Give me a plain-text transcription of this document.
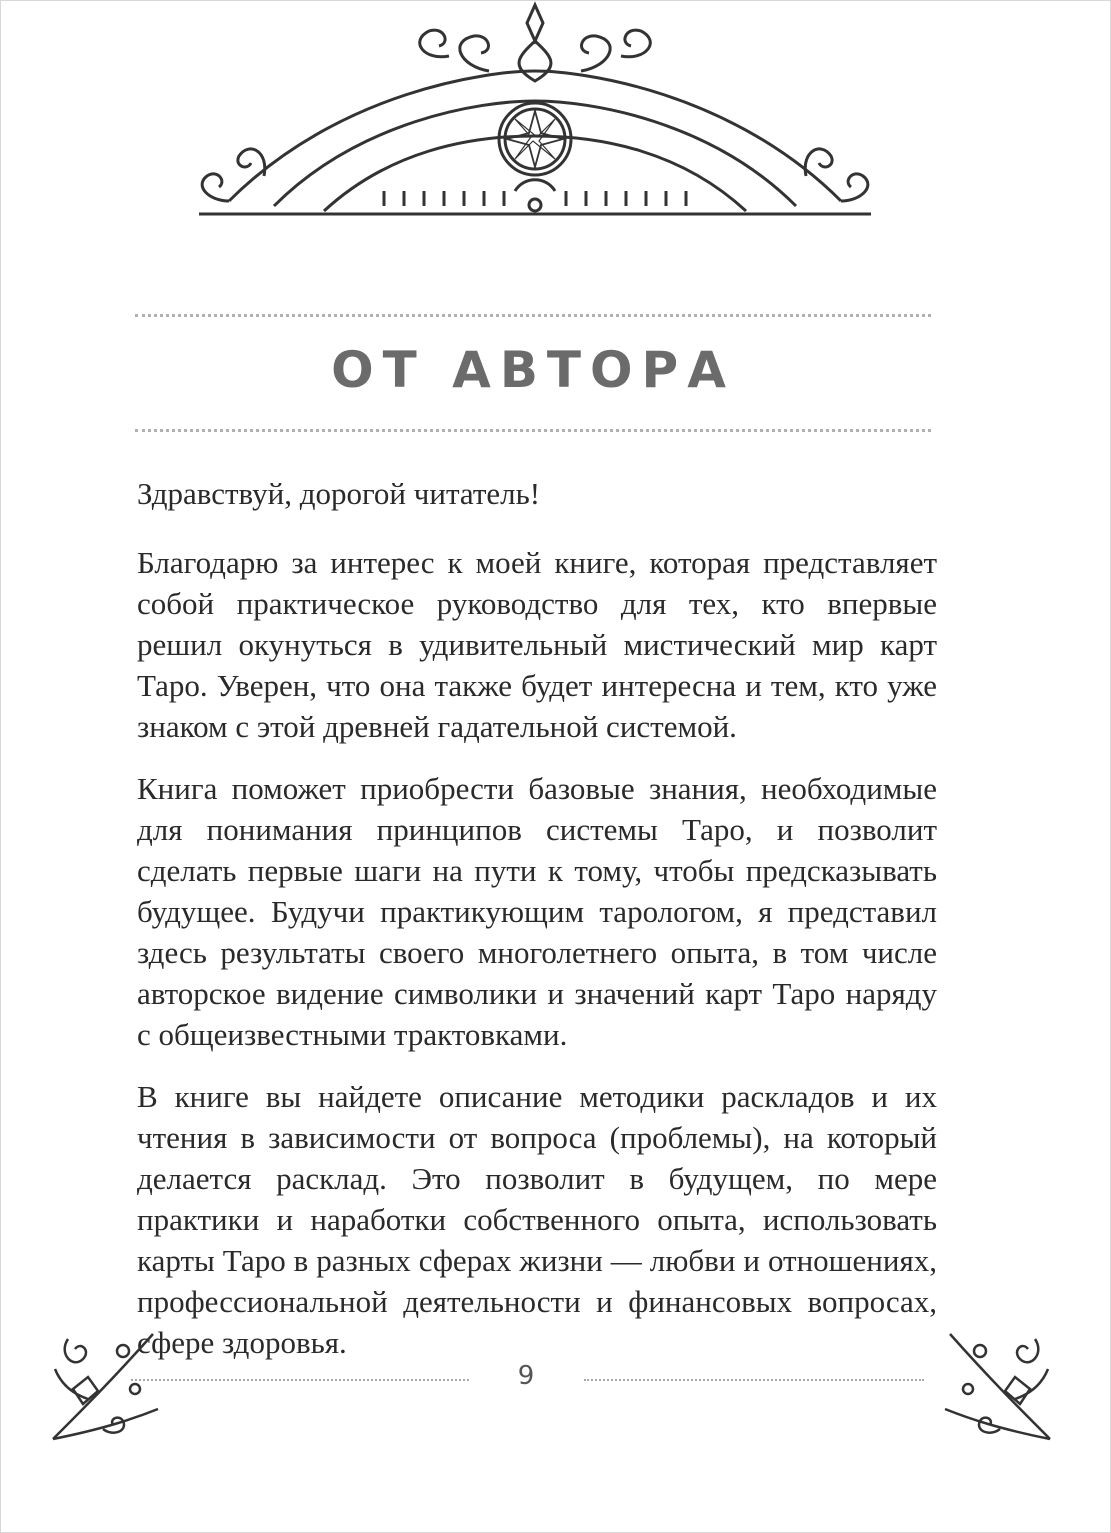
ОТ АВТОРА

Здравствуй, дорогой читатель!

Благодарю за интерес к моей книге, которая представляет собой практическое руководство для тех, кто впервые решил окунуться в удивительный мистический мир карт Таро. Уверен, что она также будет интересна и тем, кто уже знаком с этой древней гадательной системой.

Книга поможет приобрести базовые знания, необходимые для понимания принципов системы Таро, и позволит сделать первые шаги на пути к тому, чтобы предсказывать будущее. Будучи практикующим тарологом, я представил здесь результаты своего многолетнего опыта, в том числе авторское видение символики и значений карт Таро наряду с общеизвестными трактовками.

В книге вы найдете описание методики раскладов и их чтения в зависимости от вопроса (проблемы), на который делается расклад. Это позволит в будущем, по мере практики и наработки собственного опыта, использовать карты Таро в разных сферах жизни — любви и отношениях, профессиональной деятельности и финансовых вопросах, сфере здоровья.

9
